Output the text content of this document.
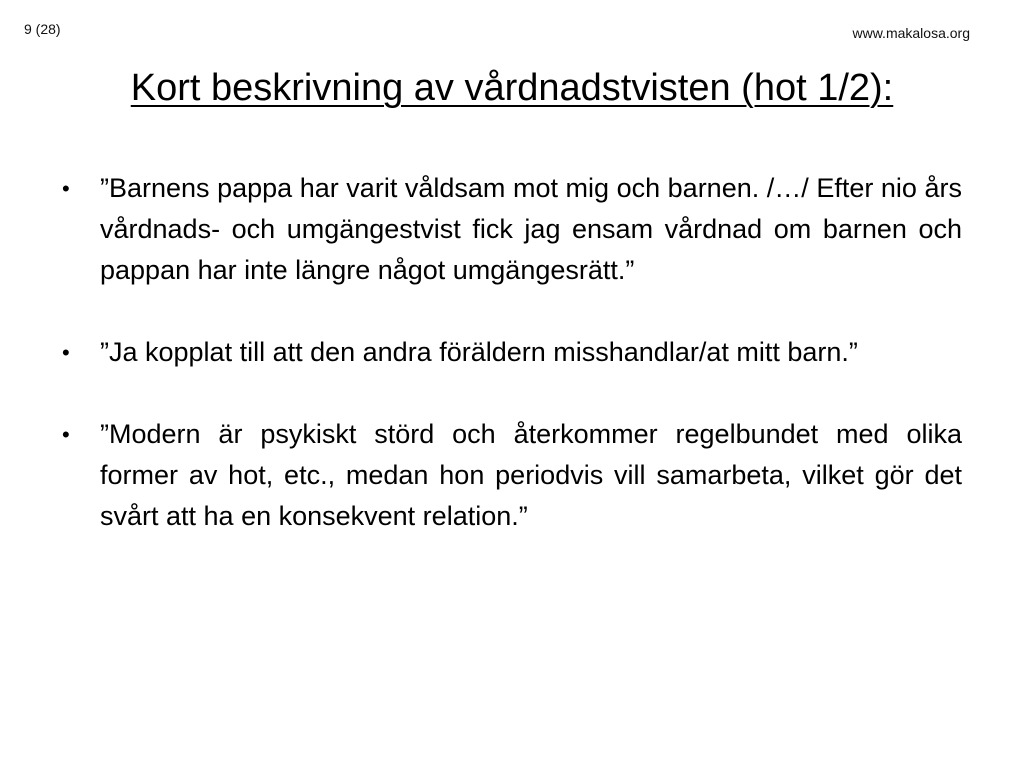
9 (28)	www.makalosa.org
Kort beskrivning av vårdnadstvisten (hot 1/2):
•	”Barnens pappa har varit våldsam mot mig och barnen. /…/ Efter nio års vårdnads- och umgängestvist fick jag ensam vårdnad om barnen och pappan har inte längre något umgängesrätt.”
•	”Ja kopplat till att den andra föräldern misshandlar/at mitt barn.”
•	”Modern är psykiskt störd och återkommer regelbundet med olika former av hot, etc., medan hon periodvis vill samarbeta, vilket gör det svårt att ha en konsekvent relation.”
